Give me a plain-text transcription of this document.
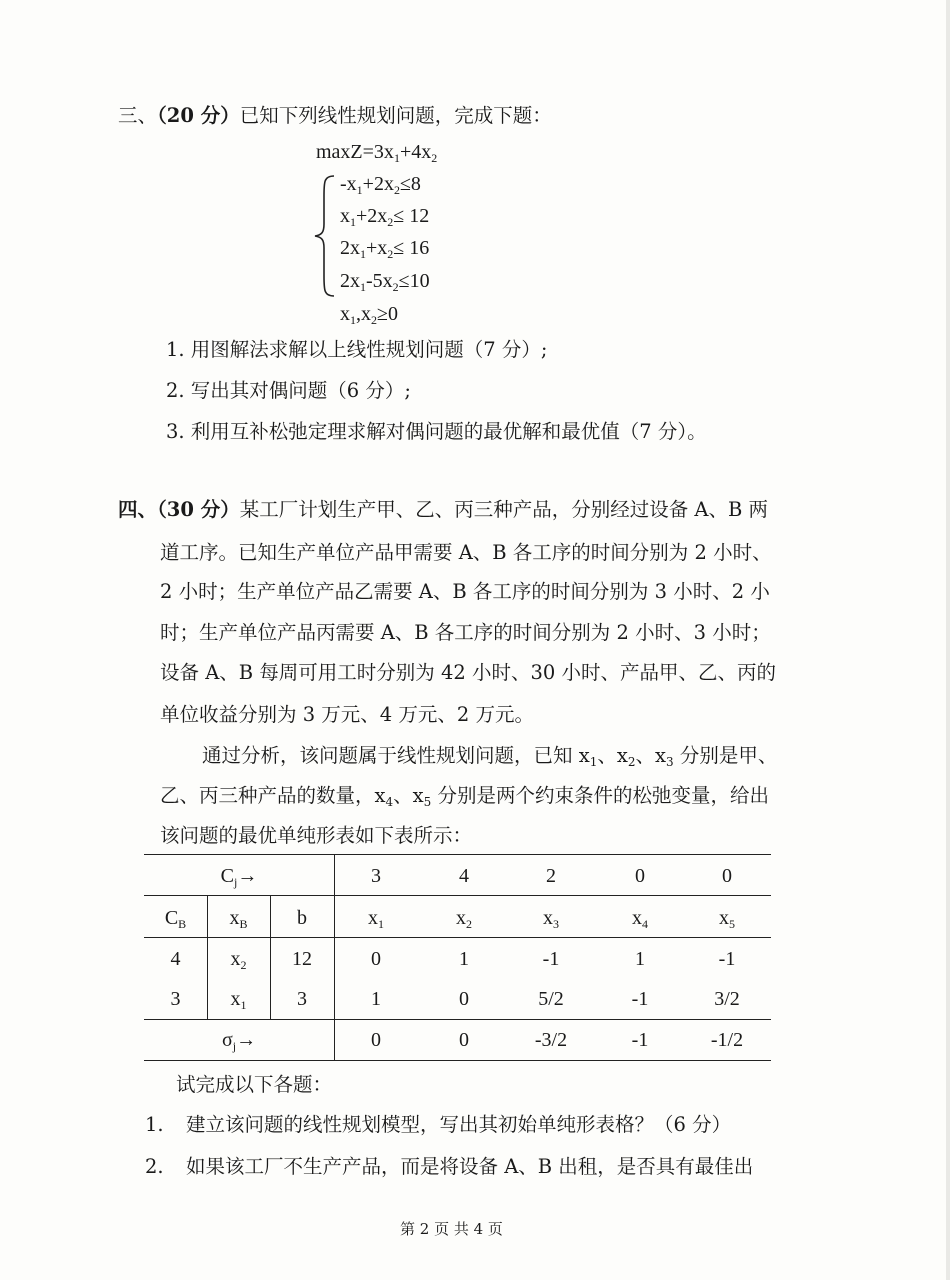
三、（20 分）已知下列线性规划问题，完成下题：
$\max Z=3x_1+4x_2$
$-x_1+2x_2\le 8$
$x_1+2x_2\le 12$
$2x_1+x_2\le 16$
$2x_1-5x_2\le 10$
$x_1,x_2\ge 0$
1. 用图解法求解以上线性规划问题（7 分）;
2. 写出其对偶问题（6 分）;
3. 利用互补松弛定理求解对偶问题的最优解和最优值（7 分）。
四、（30 分）某工厂计划生产甲、乙、丙三种产品，分别经过设备 A、B 两
道工序。已知生产单位产品甲需要 A、B 各工序的时间分别为 2 小时、
2 小时；生产单位产品乙需要 A、B 各工序的时间分别为 3 小时、2 小
时；生产单位产品丙需要 A、B 各工序的时间分别为 2 小时、3 小时；
设备 A、B 每周可用工时分别为 42 小时、30 小时、产品甲、乙、丙的
单位收益分别为 3 万元、4 万元、2 万元。
通过分析，该问题属于线性规划问题，已知 $x_1$、$x_2$、$x_3$ 分别是甲、
乙、丙三种产品的数量，$x_4$、$x_5$ 分别是两个约束条件的松弛变量，给出
该问题的最优单纯形表如下表所示：
$C_j\to$	3	4	2	0	0
$C_B$	$x_B$	b	$x_1$	$x_2$	$x_3$	$x_4$	$x_5$
4	$x_2$	12	0	1	-1	1	-1
3	$x_1$	3	1	0	5/2	-1	3/2
$\sigma_j\to$	0	0	-3/2	-1	-1/2
试完成以下各题：
1. 建立该问题的线性规划模型，写出其初始单纯形表格？（6 分）
2. 如果该工厂不生产产品，而是将设备 A、B 出租，是否具有最佳出
第 2 页 共 4 页
